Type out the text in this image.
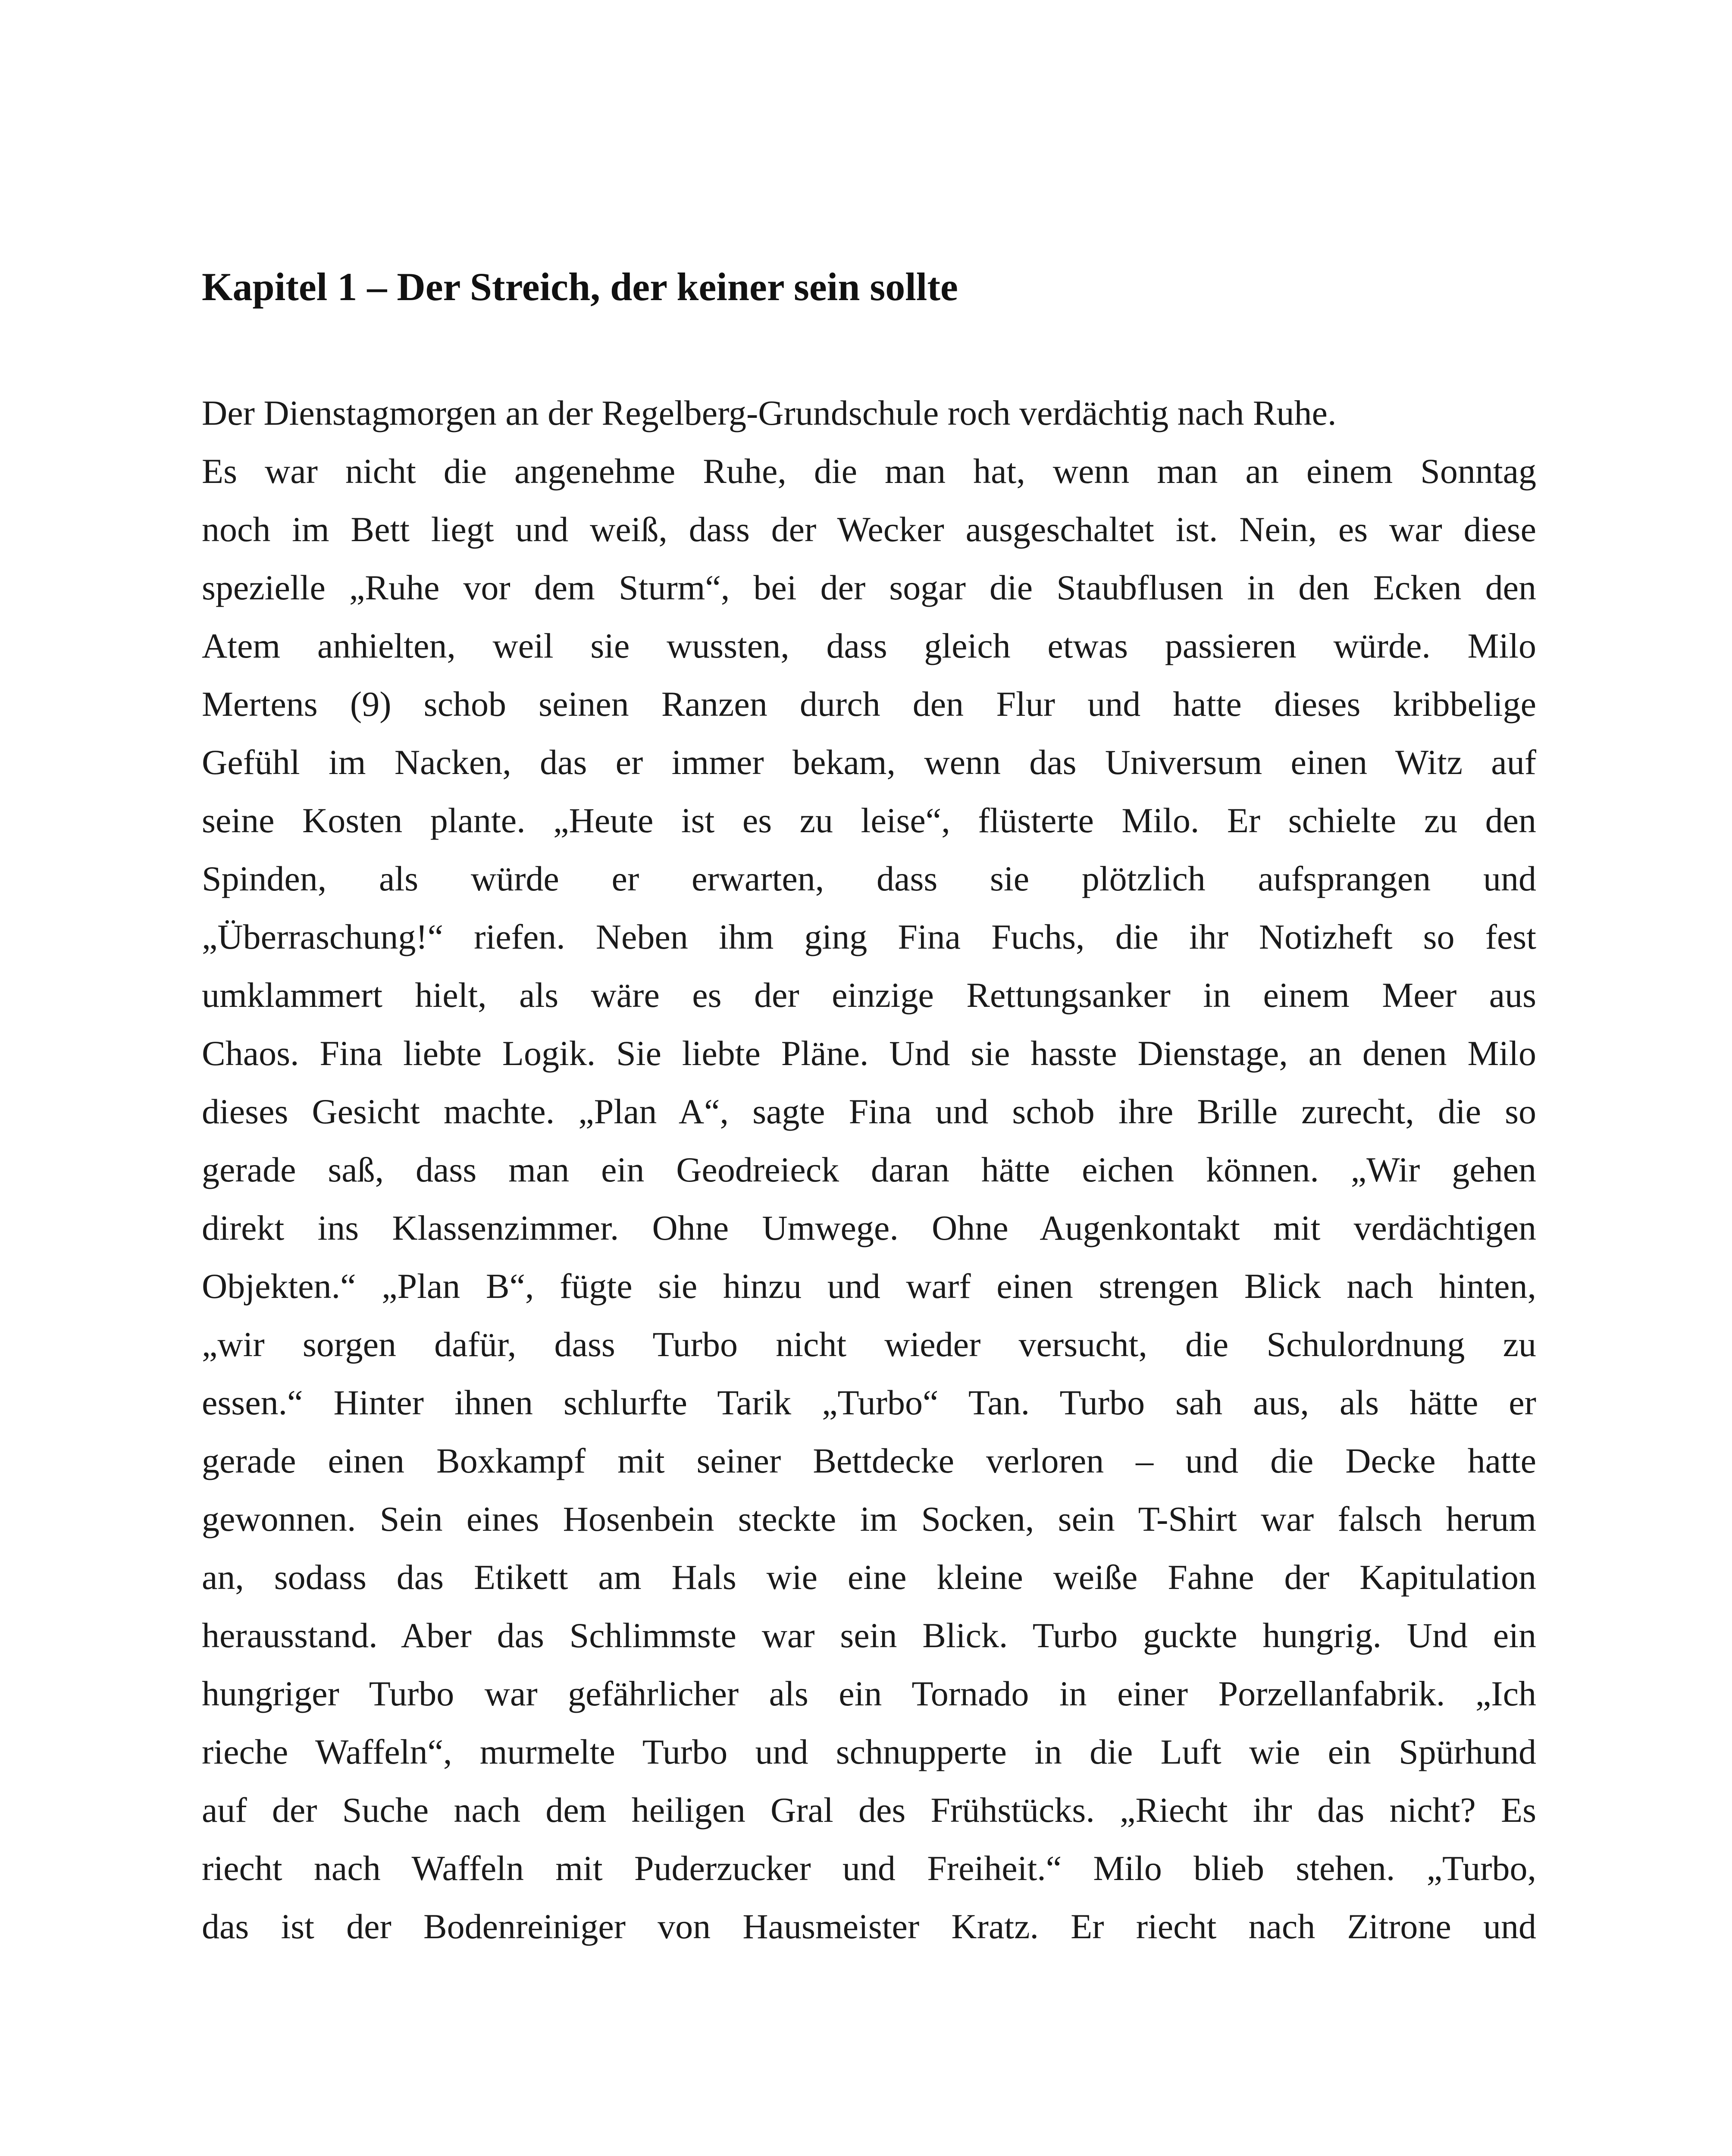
Kapitel 1 – Der Streich, der keiner sein sollte
Der Dienstagmorgen an der Regelberg-Grundschule roch verdächtig nach Ruhe.
Es war nicht die angenehme Ruhe, die man hat, wenn man an einem Sonntag
noch im Bett liegt und weiß, dass der Wecker ausgeschaltet ist. Nein, es war diese
spezielle „Ruhe vor dem Sturm“, bei der sogar die Staubflusen in den Ecken den
Atem anhielten, weil sie wussten, dass gleich etwas passieren würde. Milo
Mertens (9) schob seinen Ranzen durch den Flur und hatte dieses kribbelige
Gefühl im Nacken, das er immer bekam, wenn das Universum einen Witz auf
seine Kosten plante. „Heute ist es zu leise“, flüsterte Milo. Er schielte zu den
Spinden, als würde er erwarten, dass sie plötzlich aufsprangen und
„Überraschung!“ riefen. Neben ihm ging Fina Fuchs, die ihr Notizheft so fest
umklammert hielt, als wäre es der einzige Rettungsanker in einem Meer aus
Chaos. Fina liebte Logik. Sie liebte Pläne. Und sie hasste Dienstage, an denen Milo
dieses Gesicht machte. „Plan A“, sagte Fina und schob ihre Brille zurecht, die so
gerade saß, dass man ein Geodreieck daran hätte eichen können. „Wir gehen
direkt ins Klassenzimmer. Ohne Umwege. Ohne Augenkontakt mit verdächtigen
Objekten.“ „Plan B“, fügte sie hinzu und warf einen strengen Blick nach hinten,
„wir sorgen dafür, dass Turbo nicht wieder versucht, die Schulordnung zu
essen.“ Hinter ihnen schlurfte Tarik „Turbo“ Tan. Turbo sah aus, als hätte er
gerade einen Boxkampf mit seiner Bettdecke verloren – und die Decke hatte
gewonnen. Sein eines Hosenbein steckte im Socken, sein T-Shirt war falsch herum
an, sodass das Etikett am Hals wie eine kleine weiße Fahne der Kapitulation
herausstand. Aber das Schlimmste war sein Blick. Turbo guckte hungrig. Und ein
hungriger Turbo war gefährlicher als ein Tornado in einer Porzellanfabrik. „Ich
rieche Waffeln“, murmelte Turbo und schnupperte in die Luft wie ein Spürhund
auf der Suche nach dem heiligen Gral des Frühstücks. „Riecht ihr das nicht? Es
riecht nach Waffeln mit Puderzucker und Freiheit.“ Milo blieb stehen. „Turbo,
das ist der Bodenreiniger von Hausmeister Kratz. Er riecht nach Zitrone und
